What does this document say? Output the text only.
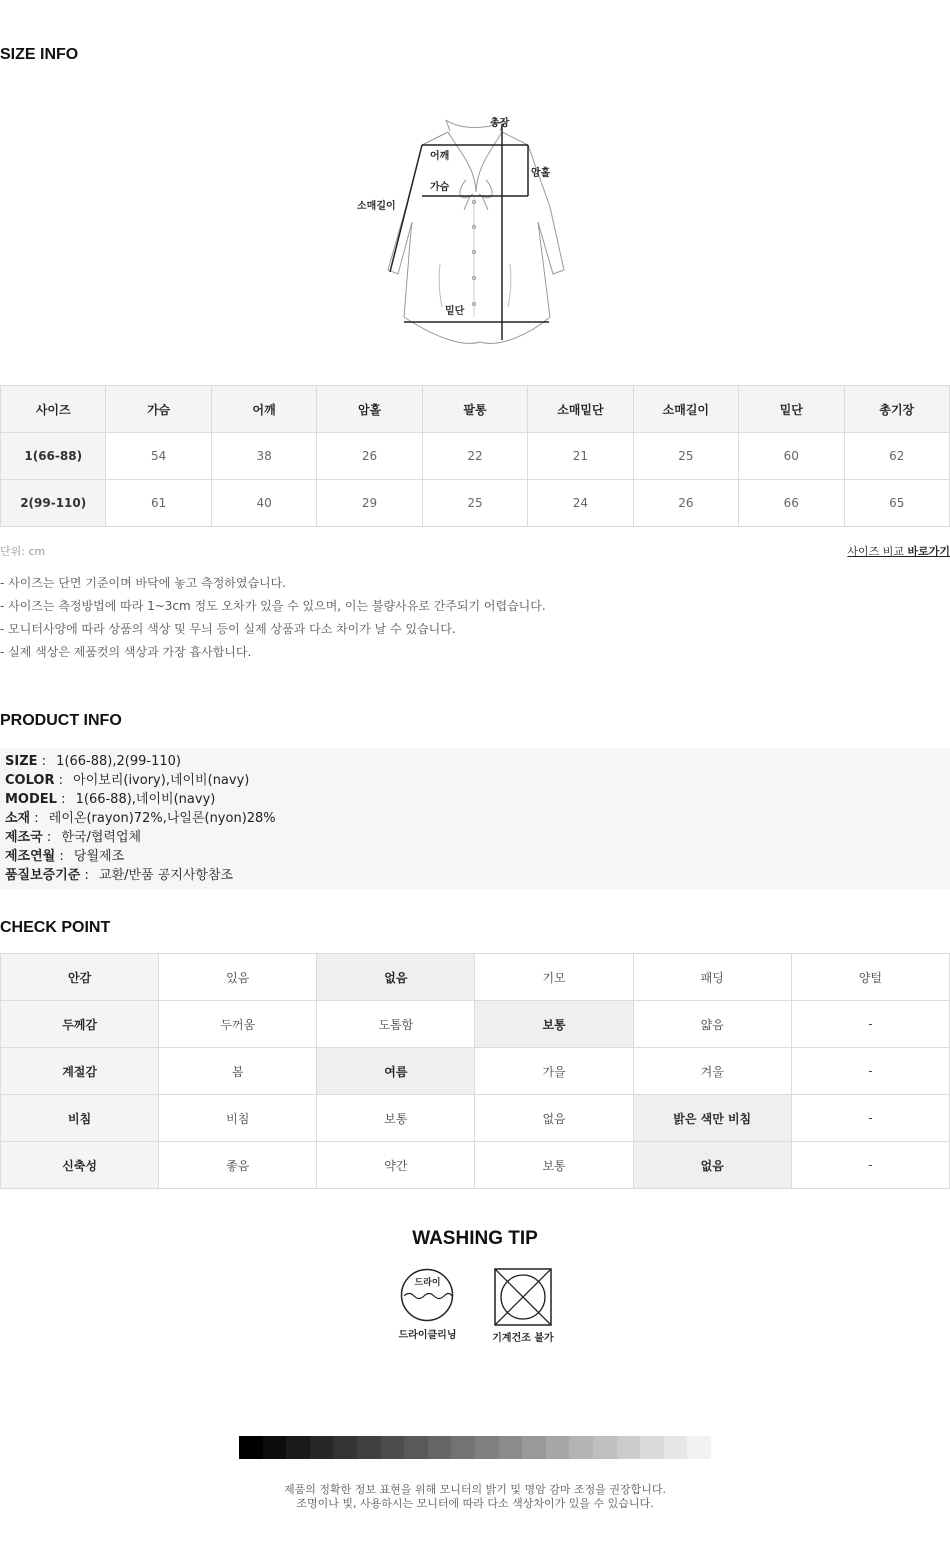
SIZE INFO
총장
어깨
가슴
암홀
소매길이
밑단
사이즈	가슴	어깨	암홀	팔통	소매밑단	소매길이	밑단	총기장
1(66-88)	54	38	26	22	21	25	60	62
2(99-110)	61	40	29	25	24	26	66	65
단위: cm	사이즈 비교 바로가기
- 사이즈는 단면 기준이며 바닥에 놓고 측정하였습니다.
- 사이즈는 측정방법에 따라 1~3cm 정도 오차가 있을 수 있으며, 이는 불량사유로 간주되기 어렵습니다.
- 모니터사양에 따라 상품의 색상 및 무늬 등이 실제 상품과 다소 차이가 날 수 있습니다.
- 실제 색상은 제품컷의 색상과 가장 흡사합니다.
PRODUCT INFO
SIZE : 1(66-88),2(99-110)
COLOR : 아이보리(ivory),네이비(navy)
MODEL : 1(66-88),네이비(navy)
소재 : 레이온(rayon)72%,나일론(nyon)28%
제조국 : 한국/협력업체
제조연월 : 당월제조
품질보증기준 : 교환/반품 공지사항참조
CHECK POINT
안감	있음	없음	기모	패딩	양털
두께감	두꺼움	도톰함	보통	얇음	-
계절감	봄	여름	가을	겨울	-
비침	비침	보통	없음	밝은 색만 비침	-
신축성	좋음	약간	보통	없음	-
WASHING TIP
드라이
드라이클리닝	기계건조 불가
제품의 정확한 정보 표현을 위해 모니터의 밝기 및 명암 감마 조정을 권장합니다.
조명이나 빛, 사용하시는 모니터에 따라 다소 색상차이가 있을 수 있습니다.
